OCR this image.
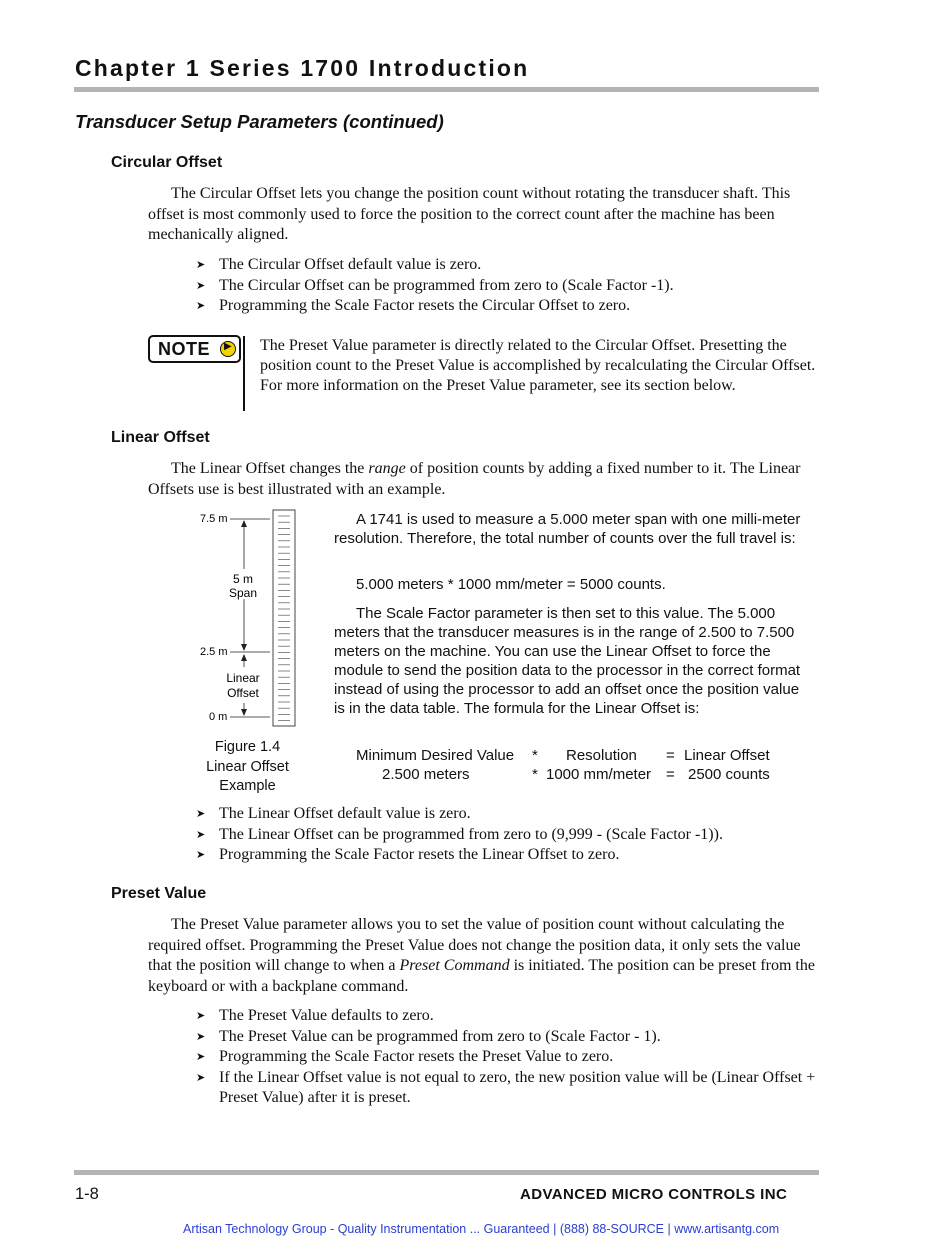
Chapter 1 Series 1700 Introduction
Transducer Setup Parameters (continued)
Circular Offset

The Circular Offset lets you change the position count without rotating the transducer shaft. This offset is most commonly used to force the position to the correct count after the machine has been mechanically aligned.

➤ The Circular Offset default value is zero.
➤ The Circular Offset can be programmed from zero to (Scale Factor -1).
➤ Programming the Scale Factor resets the Circular Offset to zero.
NOTE ▶ The Preset Value parameter is directly related to the Circular Offset. Presetting the position count to the Preset Value is accomplished by recalculating the Circular Offset. For more information on the Preset Value parameter, see its section below.

Linear Offset

The Linear Offset changes the range of position counts by adding a fixed number to it. The Linear Offsets use is best illustrated with an example.

7.5 m
5 m
Span
2.5 m
Linear
Offset
0 m
Figure 1.4
Linear Offset
Example

A 1741 is used to measure a 5.000 meter span with one milli-meter resolution. Therefore, the total number of counts over the full travel is:

5.000 meters * 1000 mm/meter = 5000 counts.

The Scale Factor parameter is then set to this value. The 5.000 meters that the transducer measures is in the range of 2.500 to 7.500 meters on the machine. You can use the Linear Offset to force the module to send the position data to the processor in the correct format instead of using the processor to add an offset once the position value is in the data table. The formula for the Linear Offset is:

Minimum Desired Value * Resolution = Linear Offset
2.500 meters	* 1000 mm/meter = 2500 counts
➤ The Linear Offset default value is zero.
➤ The Linear Offset can be programmed from zero to (9,999 - (Scale Factor -1)).
➤ Programming the Scale Factor resets the Linear Offset to zero.
Preset Value

The Preset Value parameter allows you to set the value of position count without calculating the required offset. Programming the Preset Value does not change the position data, it only sets the value that the position will change to when a Preset Command is initiated. The position can be preset from the keyboard or with a backplane command.

➤ The Preset Value defaults to zero.
➤ The Preset Value can be programmed from zero to (Scale Factor - 1).
➤ Programming the Scale Factor resets the Preset Value to zero.
➤ If the Linear Offset value is not equal to zero, the new position value will be (Linear Offset + Preset Value) after it is preset.
1-8	ADVANCED MICRO CONTROLS INC
Artisan Technology Group - Quality Instrumentation ... Guaranteed | (888) 88-SOURCE | www.artisantg.com
